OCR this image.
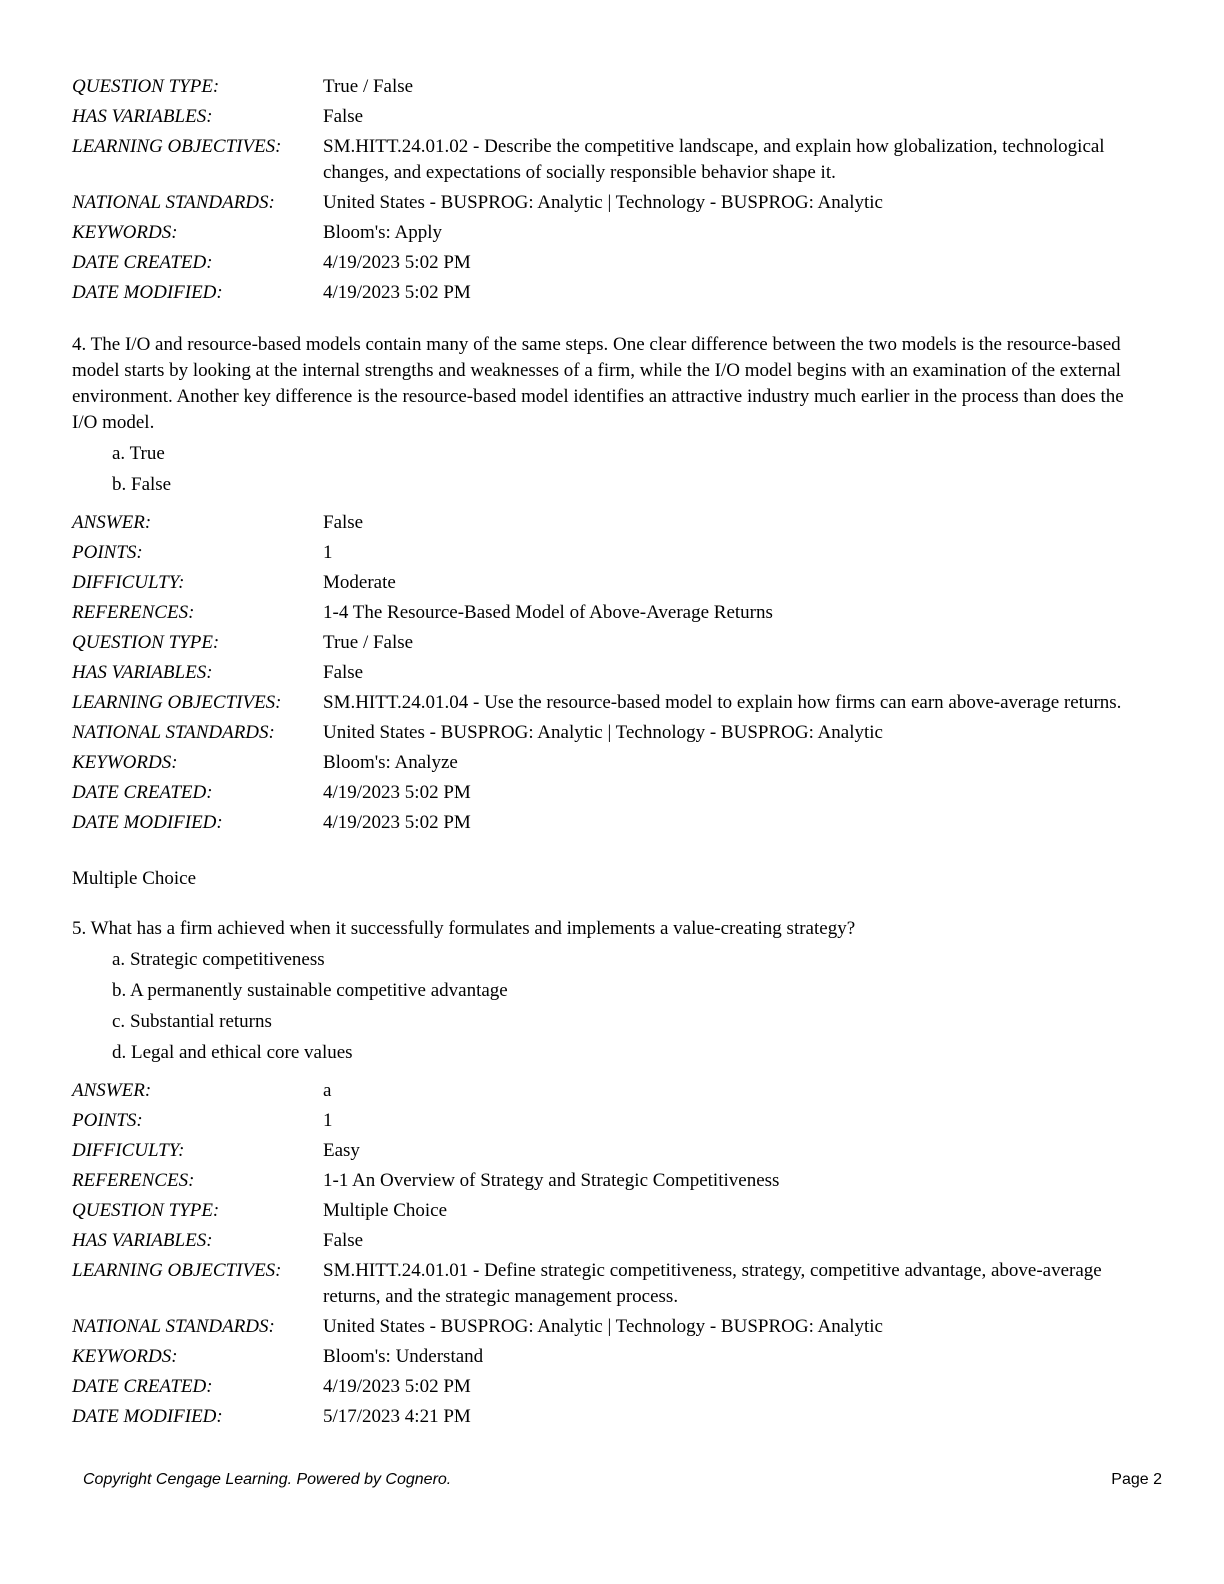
QUESTION TYPE:	True / False
HAS VARIABLES:	False
LEARNING OBJECTIVES:	SM.HITT.24.01.02 - Describe the competitive landscape, and explain how globalization, technological changes, and expectations of socially responsible behavior shape it.
NATIONAL STANDARDS:	United States - BUSPROG: Analytic | Technology - BUSPROG: Analytic
KEYWORDS:	Bloom's: Apply
DATE CREATED:	4/19/2023 5:02 PM
DATE MODIFIED:	4/19/2023 5:02 PM

4. The I/O and resource-based models contain many of the same steps. One clear difference between the two models is the resource-based model starts by looking at the internal strengths and weaknesses of a firm, while the I/O model begins with an examination of the external environment. Another key difference is the resource-based model identifies an attractive industry much earlier in the process than does the I/O model.

a. True
b. False
ANSWER:	False
POINTS:	1
DIFFICULTY:	Moderate
REFERENCES:	1-4 The Resource-Based Model of Above-Average Returns
QUESTION TYPE:	True / False
HAS VARIABLES:	False
LEARNING OBJECTIVES:	SM.HITT.24.01.04 - Use the resource-based model to explain how firms can earn above-average returns.
NATIONAL STANDARDS:	United States - BUSPROG: Analytic | Technology - BUSPROG: Analytic
KEYWORDS:	Bloom's: Analyze
DATE CREATED:	4/19/2023 5:02 PM
DATE MODIFIED:	4/19/2023 5:02 PM

Multiple Choice

5. What has a firm achieved when it successfully formulates and implements a value-creating strategy?

a. Strategic competitiveness
b. A permanently sustainable competitive advantage
c. Substantial returns
d. Legal and ethical core values
ANSWER:	a
POINTS:	1
DIFFICULTY:	Easy
REFERENCES:	1-1 An Overview of Strategy and Strategic Competitiveness
QUESTION TYPE:	Multiple Choice
HAS VARIABLES:	False
LEARNING OBJECTIVES:	SM.HITT.24.01.01 - Define strategic competitiveness, strategy, competitive advantage, above-average returns, and the strategic management process.
NATIONAL STANDARDS:	United States - BUSPROG: Analytic | Technology - BUSPROG: Analytic
KEYWORDS:	Bloom's: Understand
DATE CREATED:	4/19/2023 5:02 PM
DATE MODIFIED:	5/17/2023 4:21 PM
Copyright Cengage Learning. Powered by Cognero.	Page 2
